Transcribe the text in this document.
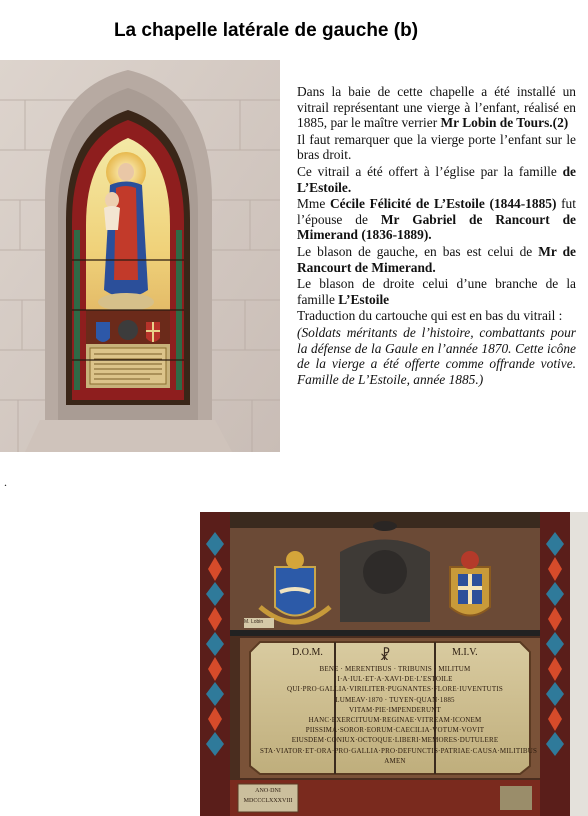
La chapelle latérale de gauche (b)

Dans la baie de cette chapelle a été installé un vitrail représentant une vierge à l’enfant, réalisé en 1885, par le maître verrier Mr Lobin de Tours.(2)

Il faut remarquer que la vierge porte l’enfant sur le bras droit.

Ce vitrail a été offert à l’église par la famille de L’Estoile.

Mme Cécile Félicité de L’Estoile (1844-1885) fut l’épouse de Mr Gabriel de Rancourt de Mimerand (1836-1889).

Le blason de gauche, en bas est celui de Mr de Rancourt de Mimerand.

Le blason de droite celui d’une branche de la famille L’Estoile

Traduction du cartouche qui est en bas du vitrail :

(Soldats méritants de l’histoire, combattants pour la défense de la Gaule en l’année 1870. Cette icône de la vierge a été offerte comme offrande votive. Famille de L’Estoile, année 1885.)

.
☧
D.O.M.	M.I.V.
BENE · MERENTIBUS · TRIBUNIS · MILITUM
I·A·IUL·ET·A·XAVI·DE·L’ESTOILE
QUI·PRO·GALLIA·VIRILITER·PUGNANTES·FLORE·IUVENTUTIS
LUMEAV·1870 · TUYEN·QUAN·1885
VITAM·PIE·IMPENDERUNT
HANC·EXERCITUUM·REGINAE·VITREAM·ICONEM
PIISSIMA·SOROR·EORUM·CAECILIA·VOTUM·VOVIT
EIUSDEM·CONIUX·OCTOQUE·LIBERI·MEMORES·DUTULERE
STA·VIATOR·ET·ORA·PRO·GALLIA·PRO·DEFUNCTIS·PATRIAE·CAUSA·MILITIBUS
AMEN
M. Lobin
ANO·DNI
MDCCCLXXXVIII
